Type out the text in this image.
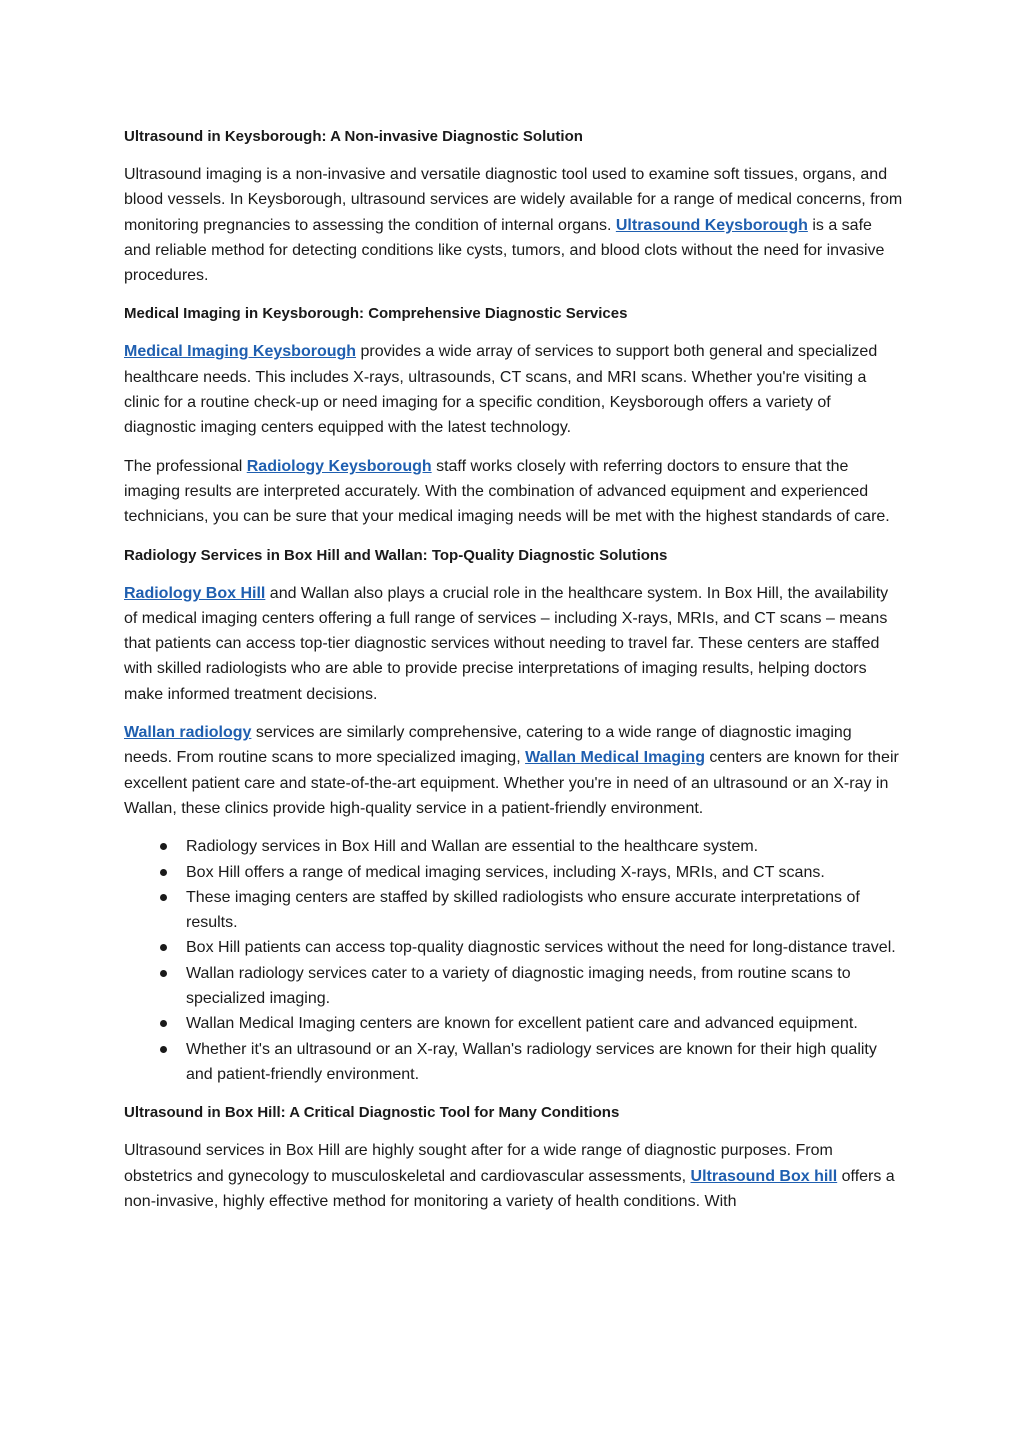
Ultrasound in Keysborough: A Non-invasive Diagnostic Solution

Ultrasound imaging is a non-invasive and versatile diagnostic tool used to examine soft tissues, organs, and blood vessels. In Keysborough, ultrasound services are widely available for a range of medical concerns, from monitoring pregnancies to assessing the condition of internal organs. Ultrasound Keysborough is a safe and reliable method for detecting conditions like cysts, tumors, and blood clots without the need for invasive procedures.

Medical Imaging in Keysborough: Comprehensive Diagnostic Services

Medical Imaging Keysborough provides a wide array of services to support both general and specialized healthcare needs. This includes X-rays, ultrasounds, CT scans, and MRI scans. Whether you're visiting a clinic for a routine check-up or need imaging for a specific condition, Keysborough offers a variety of diagnostic imaging centers equipped with the latest technology.

The professional Radiology Keysborough staff works closely with referring doctors to ensure that the imaging results are interpreted accurately. With the combination of advanced equipment and experienced technicians, you can be sure that your medical imaging needs will be met with the highest standards of care.

Radiology Services in Box Hill and Wallan: Top-Quality Diagnostic Solutions

Radiology Box Hill and Wallan also plays a crucial role in the healthcare system. In Box Hill, the availability of medical imaging centers offering a full range of services – including X-rays, MRIs, and CT scans – means that patients can access top-tier diagnostic services without needing to travel far. These centers are staffed with skilled radiologists who are able to provide precise interpretations of imaging results, helping doctors make informed treatment decisions.

Wallan radiology services are similarly comprehensive, catering to a wide range of diagnostic imaging needs. From routine scans to more specialized imaging, Wallan Medical Imaging centers are known for their excellent patient care and state-of-the-art equipment. Whether you're in need of an ultrasound or an X-ray in Wallan, these clinics provide high-quality service in a patient-friendly environment.

Radiology services in Box Hill and Wallan are essential to the healthcare system.
Box Hill offers a range of medical imaging services, including X-rays, MRIs, and CT scans.
These imaging centers are staffed by skilled radiologists who ensure accurate interpretations of results.
Box Hill patients can access top-quality diagnostic services without the need for long-distance travel.
Wallan radiology services cater to a variety of diagnostic imaging needs, from routine scans to specialized imaging.
Wallan Medical Imaging centers are known for excellent patient care and advanced equipment.
Whether it's an ultrasound or an X-ray, Wallan's radiology services are known for their high quality and patient-friendly environment.
Ultrasound in Box Hill: A Critical Diagnostic Tool for Many Conditions

Ultrasound services in Box Hill are highly sought after for a wide range of diagnostic purposes. From obstetrics and gynecology to musculoskeletal and cardiovascular assessments, Ultrasound Box hill offers a non-invasive, highly effective method for monitoring a variety of health conditions. With
